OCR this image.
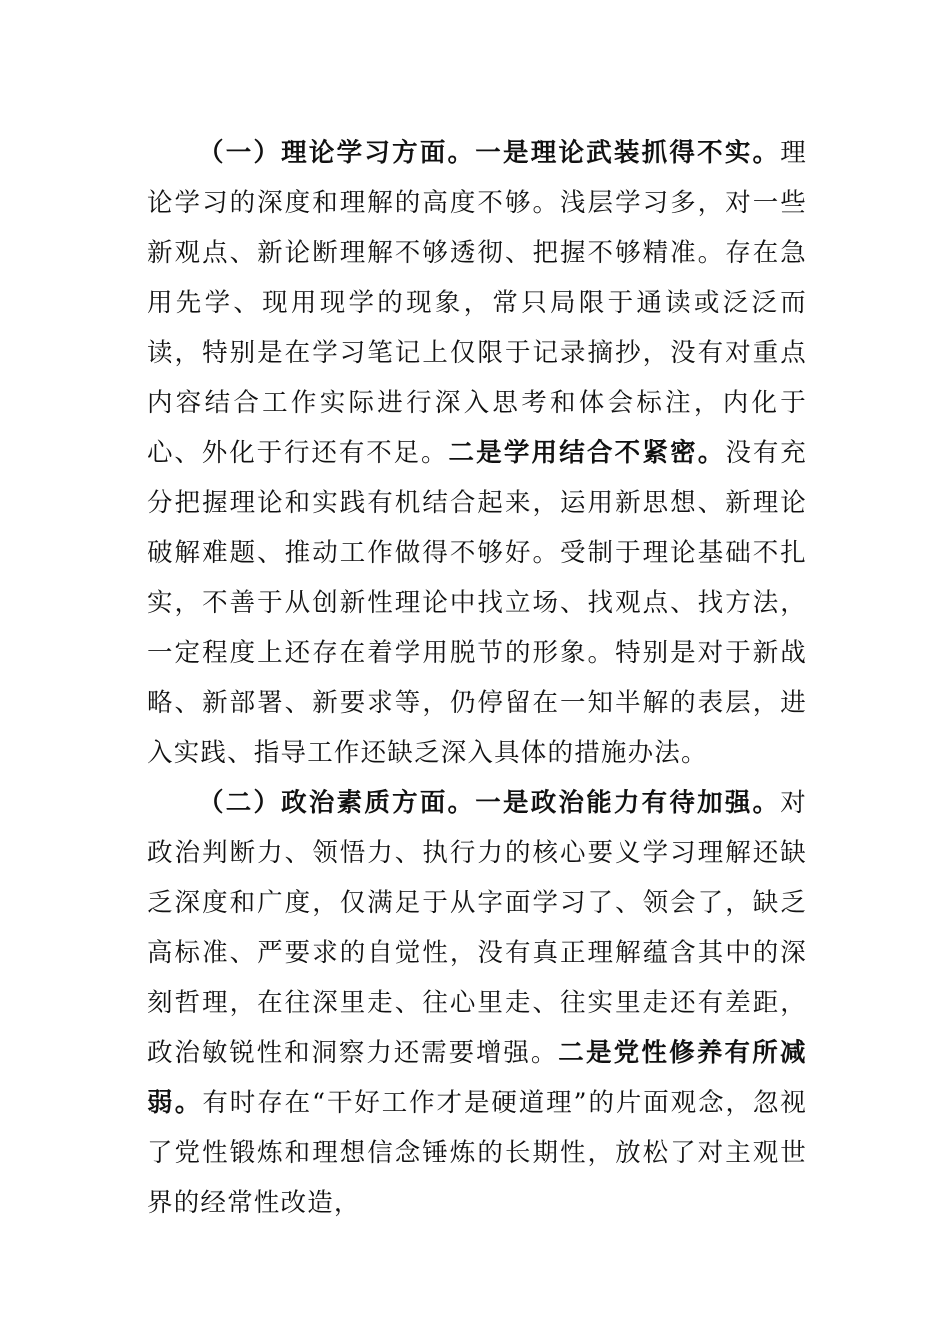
（一）理论学习方面。一是理论武装抓得不实。理论学习的深度和理解的高度不够。浅层学习多，对一些新观点、新论断理解不够透彻、把握不够精准。存在急用先学、现用现学的现象，常只局限于通读或泛泛而读，特别是在学习笔记上仅限于记录摘抄，没有对重点内容结合工作实际进行深入思考和体会标注，内化于心、外化于行还有不足。二是学用结合不紧密。没有充分把握理论和实践有机结合起来，运用新思想、新理论破解难题、推动工作做得不够好。受制于理论基础不扎实，不善于从创新性理论中找立场、找观点、找方法，一定程度上还存在着学用脱节的形象。特别是对于新战略、新部署、新要求等，仍停留在一知半解的表层，进入实践、指导工作还缺乏深入具体的措施办法。

（二）政治素质方面。一是政治能力有待加强。对政治判断力、领悟力、执行力的核心要义学习理解还缺乏深度和广度，仅满足于从字面学习了、领会了，缺乏高标准、严要求的自觉性，没有真正理解蕴含其中的深刻哲理，在往深里走、往心里走、往实里走还有差距，政治敏锐性和洞察力还需要增强。二是党性修养有所减弱。有时存在“干好工作才是硬道理”的片面观念，忽视了党性锻炼和理想信念锤炼的长期性，放松了对主观世界的经常性改造，
